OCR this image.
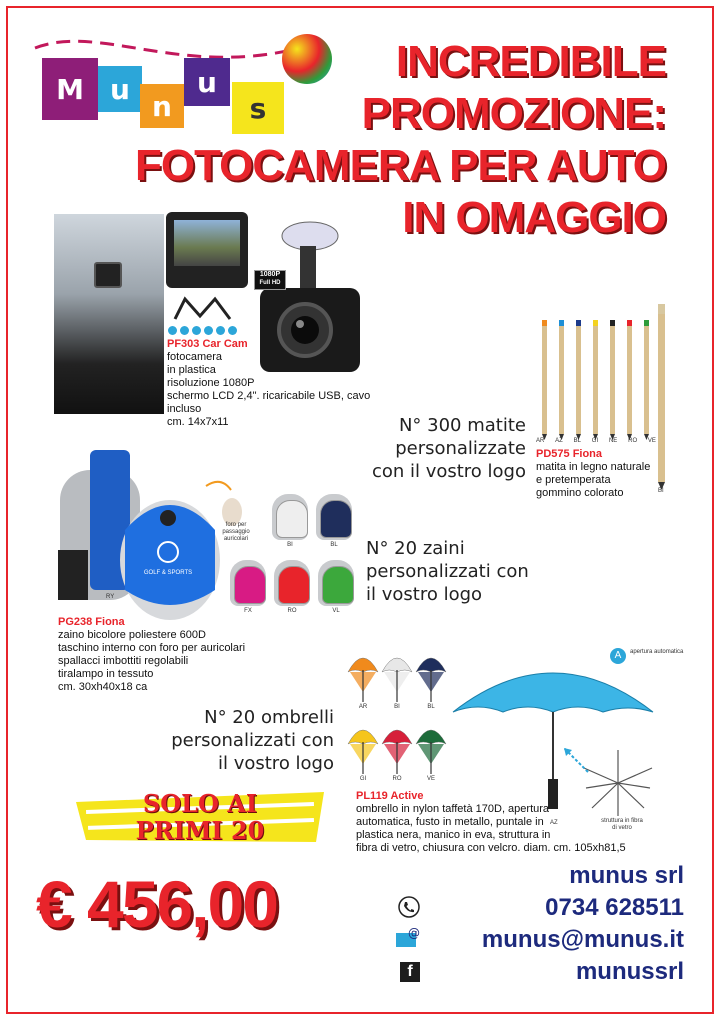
M u
n
u
s
INCREDIBILE
PROMOZIONE:
FOTOCAMERA PER AUTO
IN OMAGGIO
1080P
Full HD
PF303 Car Cam
fotocamera
in plastica
risoluzione 1080P
schermo LCD 2,4". ricaricabile USB, cavo incluso
cm. 14x7x11	N° 300 matite
personalizzate
con il vostro logo
AR AZ BL GI NE RO VE
BI
PD575 Fiona
matita in legno naturale
e pretemperata
gommino colorato
GOLF & SPORTS
RY
foro per passaggio auricolari
BI	BL
FX	RO	VL
N° 20 zaini
personalizzati con
il vostro logo
PG238 Fiona
zaino bicolore poliestere 600D
taschino interno con foro per auricolari
spallacci imbottiti regolabili
tiralampo in tessuto
cm. 30xh40x18 ca
N° 20 ombrelli
personalizzati con
il vostro logo
AR	BI	BL
GI	RO	VE
AZ
A	apertura automatica
struttura in fibra di vetro
PL119 Active
ombrello in nylon taffetà 170D, apertura
automatica, fusto in metallo, puntale in
plastica nera, manico in eva, struttura in
fibra di vetro, chiusura con velcro. diam. cm. 105xh81,5
SOLO AI
PRIMI 20
€ 456,00	munus srl
0734 628511
@	munus@munus.it
f	munussrl
